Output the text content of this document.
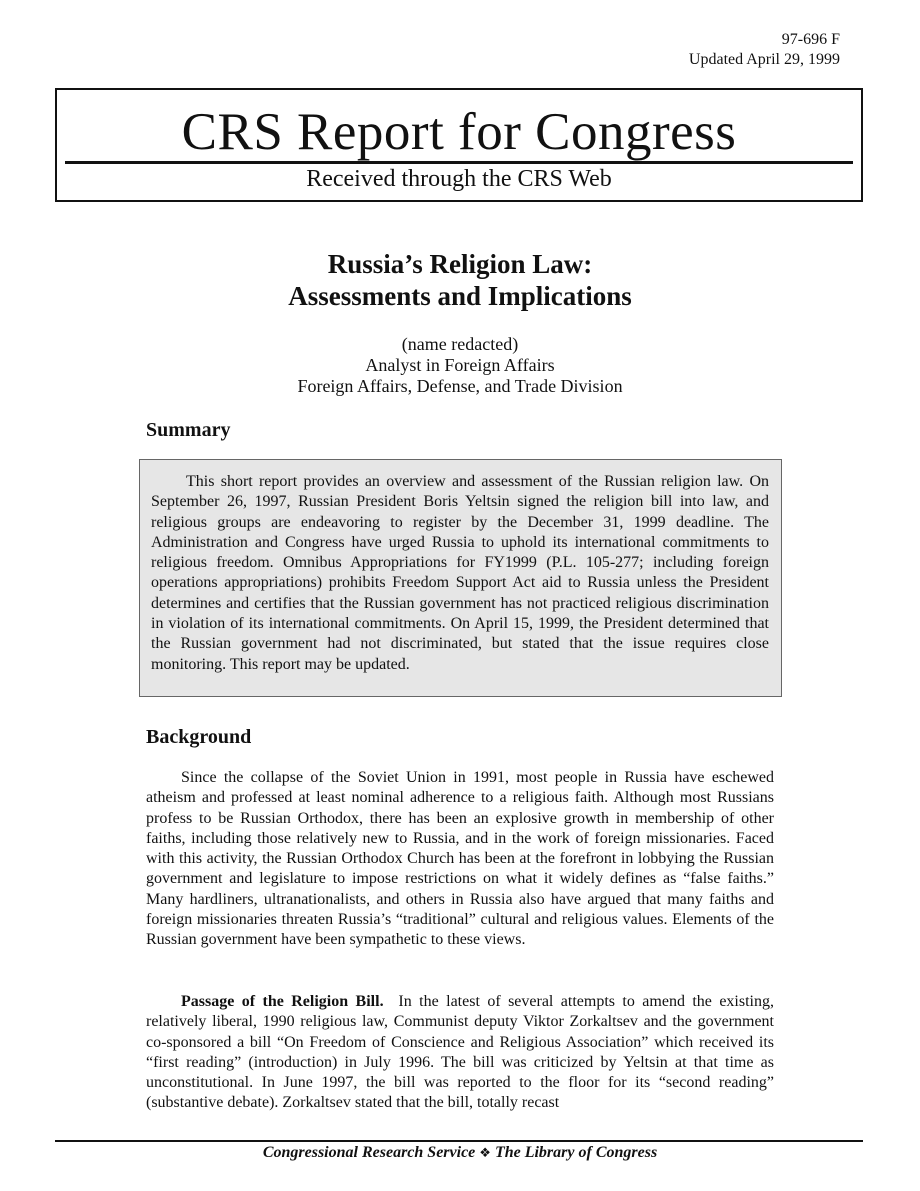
97-696 F
Updated April 29, 1999
CRS Report for Congress
Received through the CRS Web
Russia’s Religion Law:
Assessments and Implications
(name redacted)
Analyst in Foreign Affairs
Foreign Affairs, Defense, and Trade Division
Summary

This short report provides an overview and assessment of the Russian religion law. On September 26, 1997, Russian President Boris Yeltsin signed the religion bill into law, and religious groups are endeavoring to register by the December 31, 1999 deadline. The Administration and Congress have urged Russia to uphold its international commitments to religious freedom. Omnibus Appropriations for FY1999 (P.L. 105-277; including foreign operations appropriations) prohibits Freedom Support Act aid to Russia unless the President determines and certifies that the Russian government has not practiced religious discrimination in violation of its international commitments. On April 15, 1999, the President determined that the Russian government had not discriminated, but stated that the issue requires close monitoring. This report may be updated.

Background

Since the collapse of the Soviet Union in 1991, most people in Russia have eschewed atheism and professed at least nominal adherence to a religious faith. Although most Russians profess to be Russian Orthodox, there has been an explosive growth in membership of other faiths, including those relatively new to Russia, and in the work of foreign missionaries. Faced with this activity, the Russian Orthodox Church has been at the forefront in lobbying the Russian government and legislature to impose restrictions on what it widely defines as “false faiths.” Many hardliners, ultranationalists, and others in Russia also have argued that many faiths and foreign missionaries threaten Russia’s “traditional” cultural and religious values. Elements of the Russian government have been sympathetic to these views.

Passage of the Religion Bill. In the latest of several attempts to amend the existing, relatively liberal, 1990 religious law, Communist deputy Viktor Zorkaltsev and the government co-sponsored a bill “On Freedom of Conscience and Religious Association” which received its “first reading” (introduction) in July 1996. The bill was criticized by Yeltsin at that time as unconstitutional. In June 1997, the bill was reported to the floor for its “second reading” (substantive debate). Zorkaltsev stated that the bill, totally recast

Congressional Research Service ❖ The Library of Congress
